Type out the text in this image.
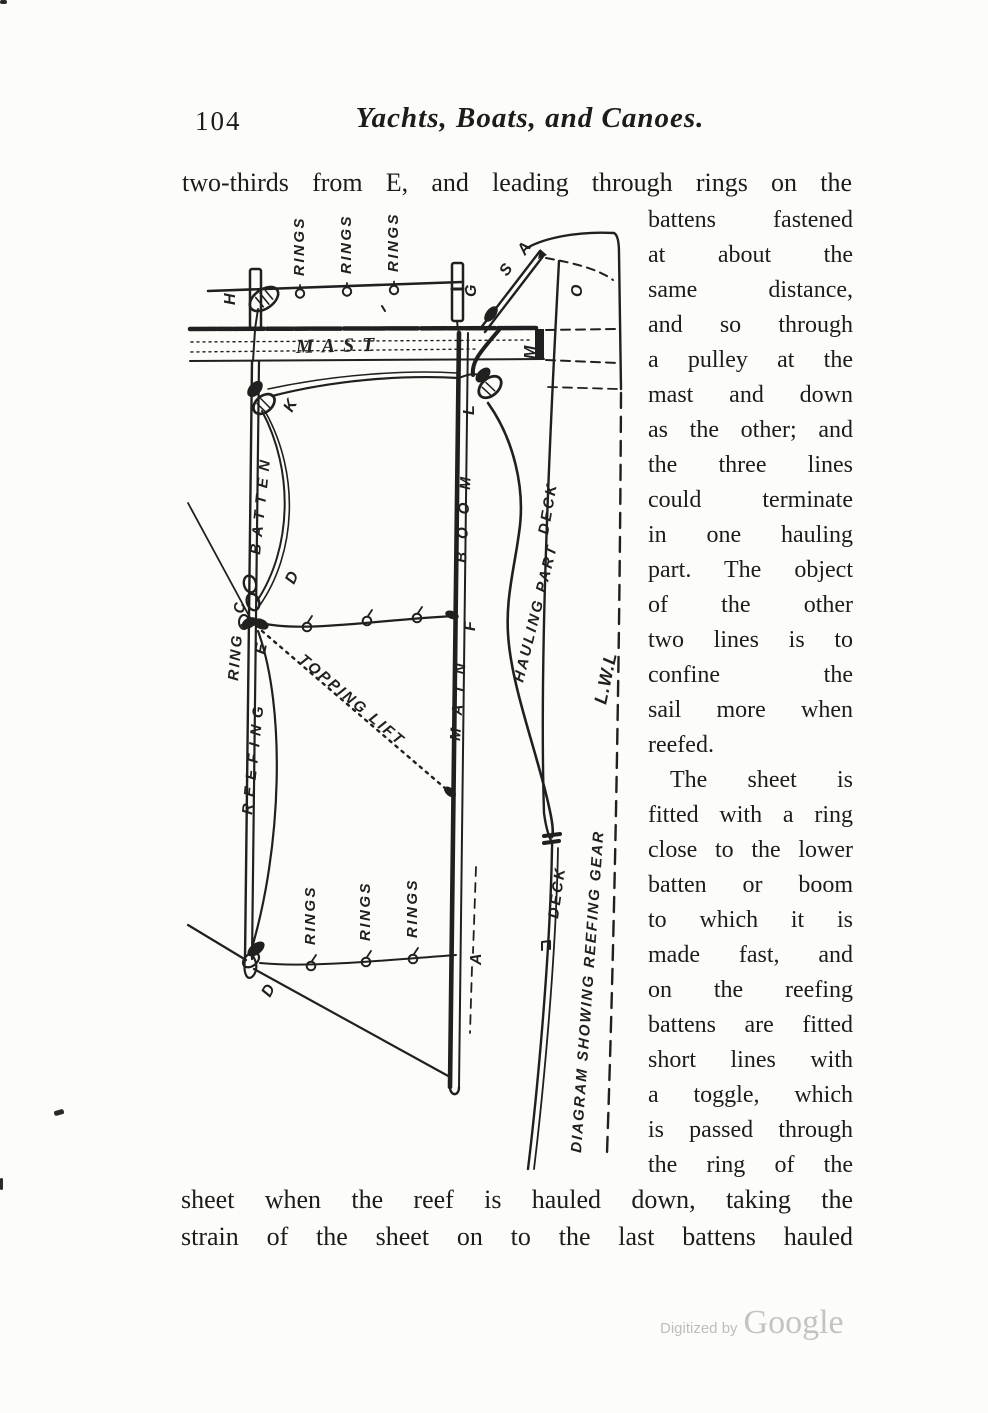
104	Yachts, Boats, and Canoes.
two-thirds from E, and leading through rings on the
battens fastened
at about the
same distance,
and so through
a pulley at the
mast and down
as the other; and
the three lines
could terminate
in one hauling
part. The object
of the other
two lines is to
confine the
sail more when
reefed.
The sheet is
fitted with a ring
close to the lower
batten or boom
to which it is
made fast, and
on the reefing
battens are fitted
short lines with
a toggle, which
is passed through
the ring of the
RINGS RINGS RINGS
H
G
S
A
O
MAST	M
K	L
BATTEN
RING . C
D
E
BOOM
F
MAIN
TOPPING LIFT
REEFING
HAULING PART
DECK
L.W.L
DECK
DIAGRAM SHOWING REEFING GEAR
RINGS	RINGS RINGS
D
A
sheet when the reef is hauled down, taking the
strain of the sheet on to the last battens hauled
Digitized by Google
